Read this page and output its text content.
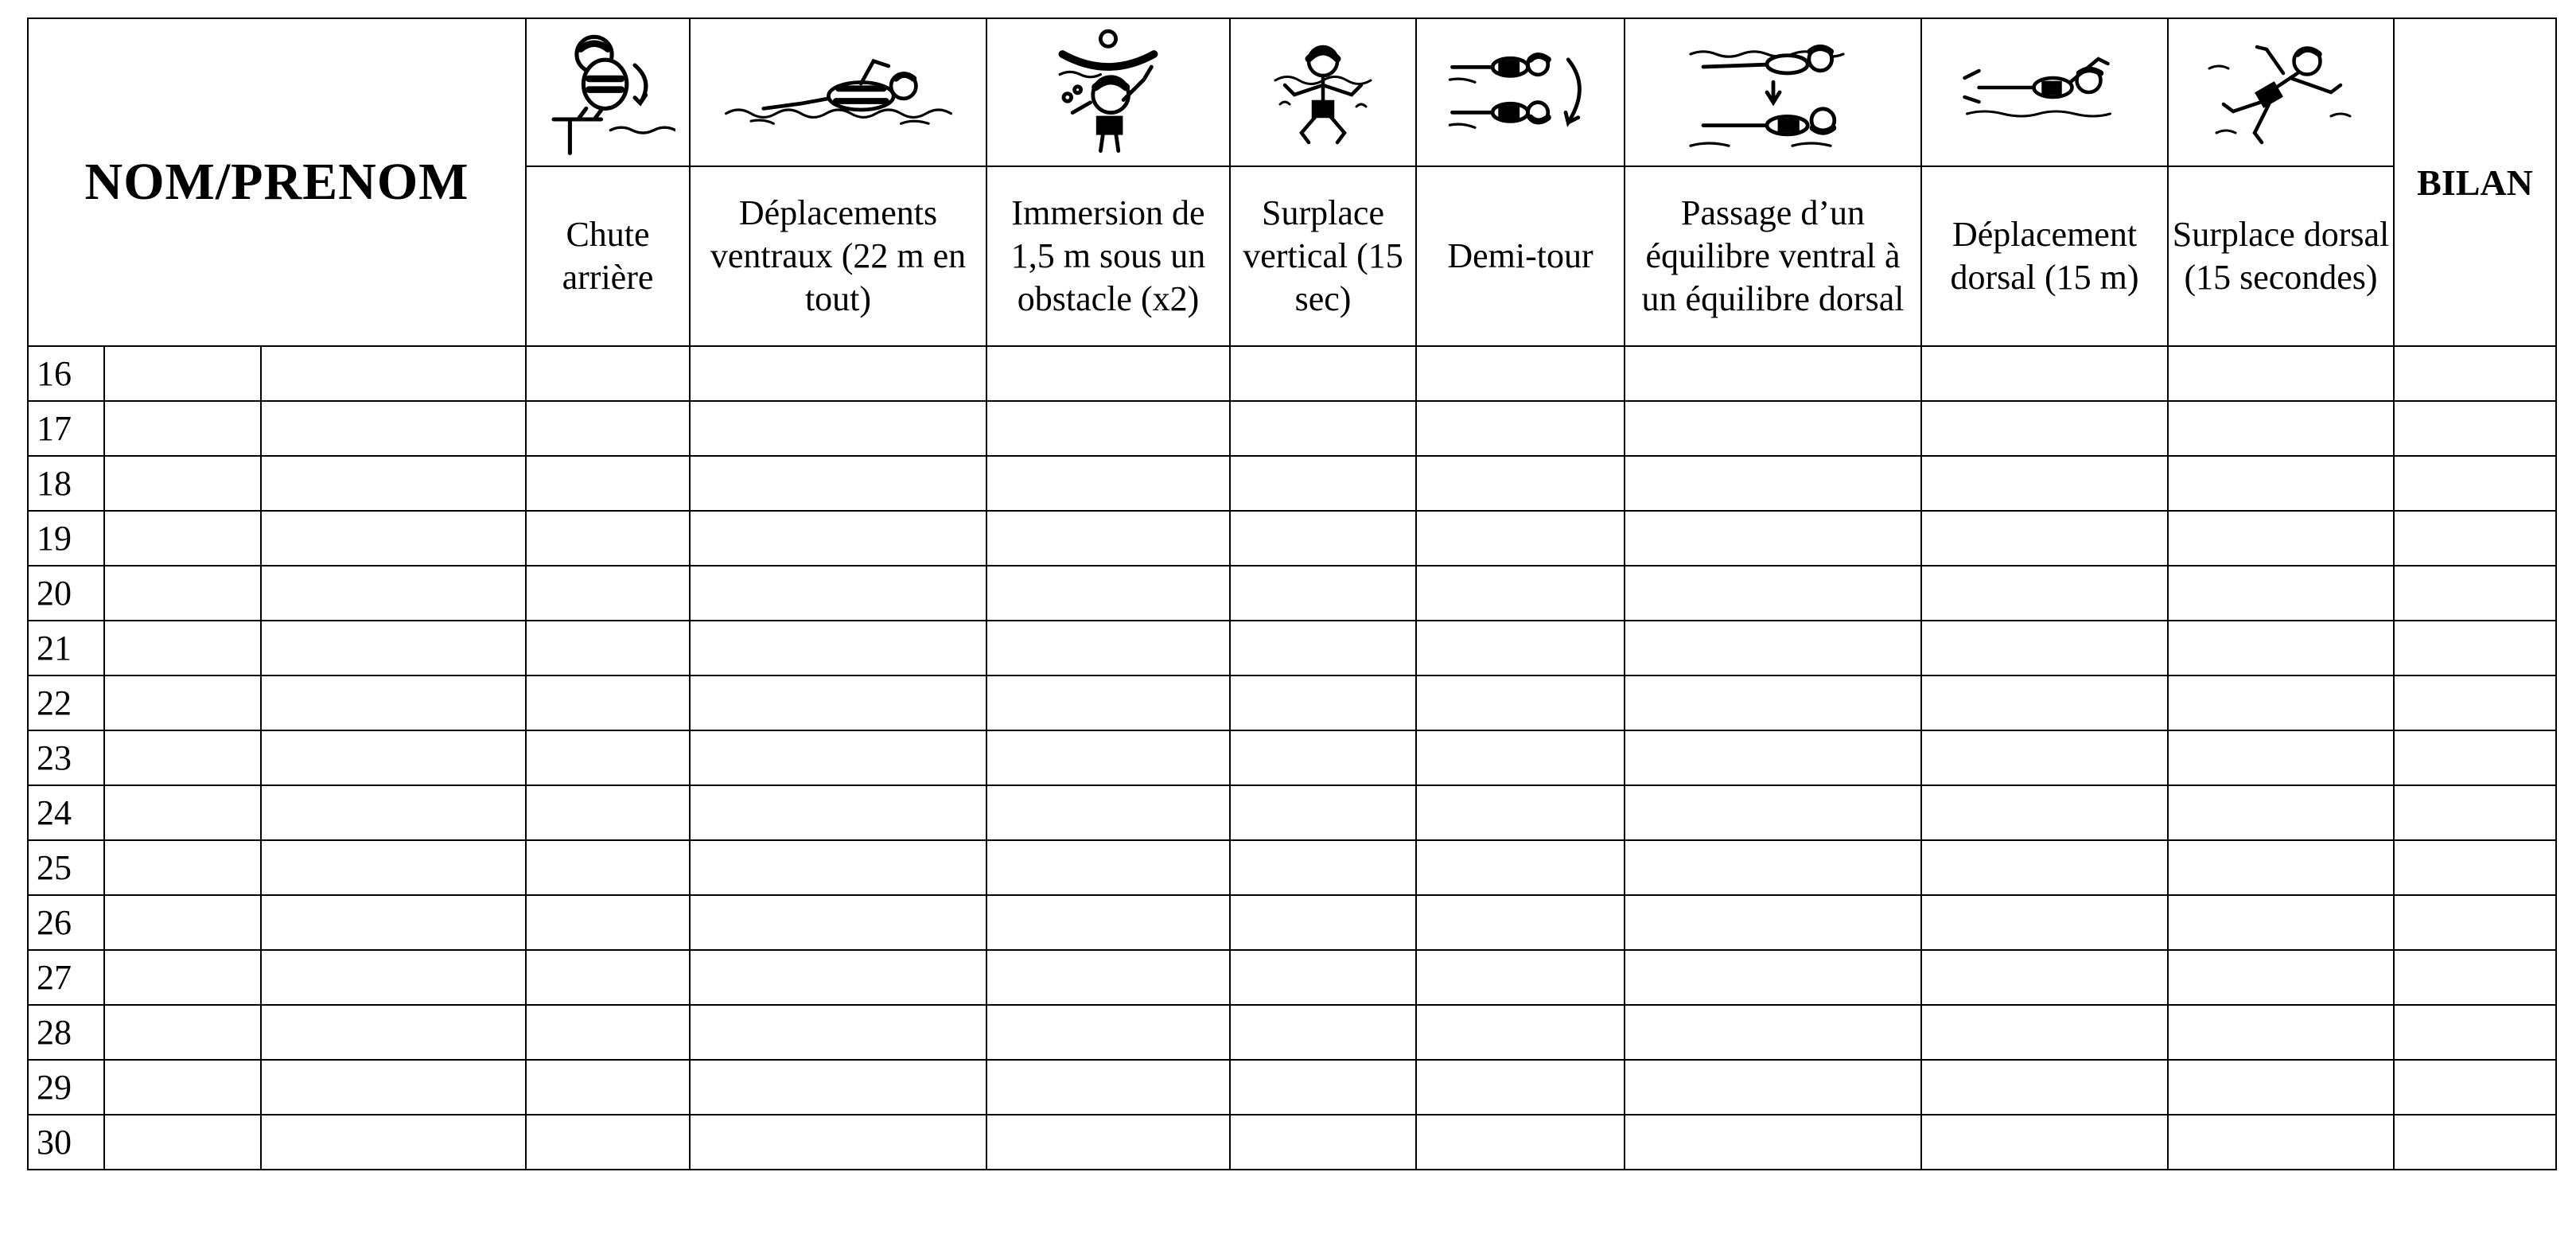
NOM/PRENOM											BILAN
			Chute arrière	Déplacements ventraux (22 m en tout)	Immersion de 1,5 m sous un obstacle (x2)	Surplace vertical (15 sec)	Demi-tour	Passage d’un équilibre ventral à un équilibre dorsal	Déplacement dorsal (15 m)	Surplace dorsal (15 secondes)	
16											
17											
18											
19											
20											
21											
22											
23											
24											
25											
26											
27											
28											
29											
30											
